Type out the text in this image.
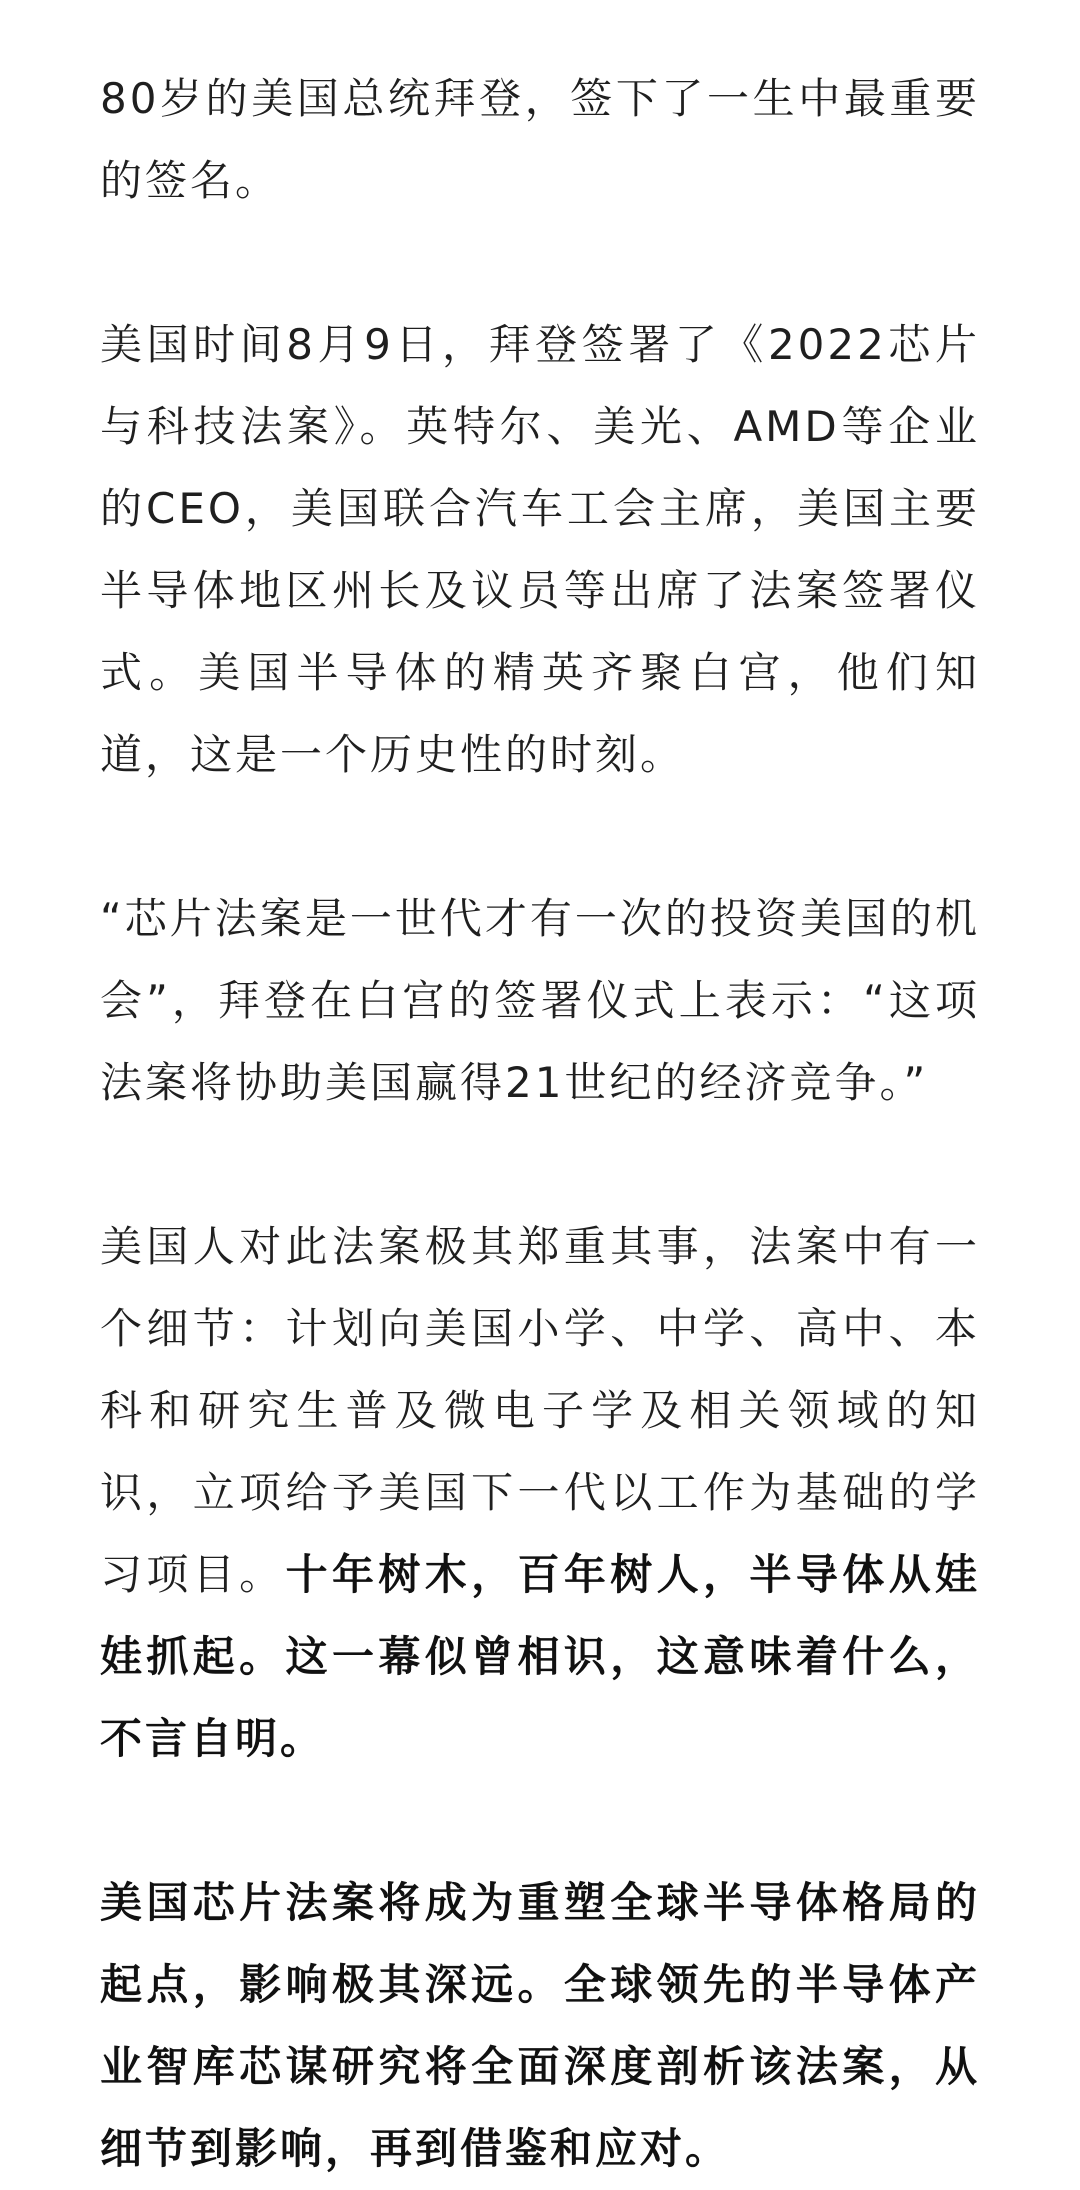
80岁的美国总统拜登，签下了一生中最重要的签名。

美国时间8月9日，拜登签署了《2022芯片与科技法案》。英特尔、美光、AMD等企业的CEO，美国联合汽车工会主席，美国主要半导体地区州长及议员等出席了法案签署仪式。美国半导体的精英齐聚白宫，他们知道，这是一个历史性的时刻。

“芯片法案是一世代才有一次的投资美国的机会”，拜登在白宫的签署仪式上表示：“这项法案将协助美国赢得21世纪的经济竞争。”

美国人对此法案极其郑重其事，法案中有一个细节：计划向美国小学、中学、高中、本科和研究生普及微电子学及相关领域的知识，立项给予美国下一代以工作为基础的学习项目。十年树木，百年树人，半导体从娃娃抓起。这一幕似曾相识，这意味着什么，不言自明。

美国芯片法案将成为重塑全球半导体格局的起点，影响极其深远。全球领先的半导体产业智库芯谋研究将全面深度剖析该法案，从细节到影响，再到借鉴和应对。
